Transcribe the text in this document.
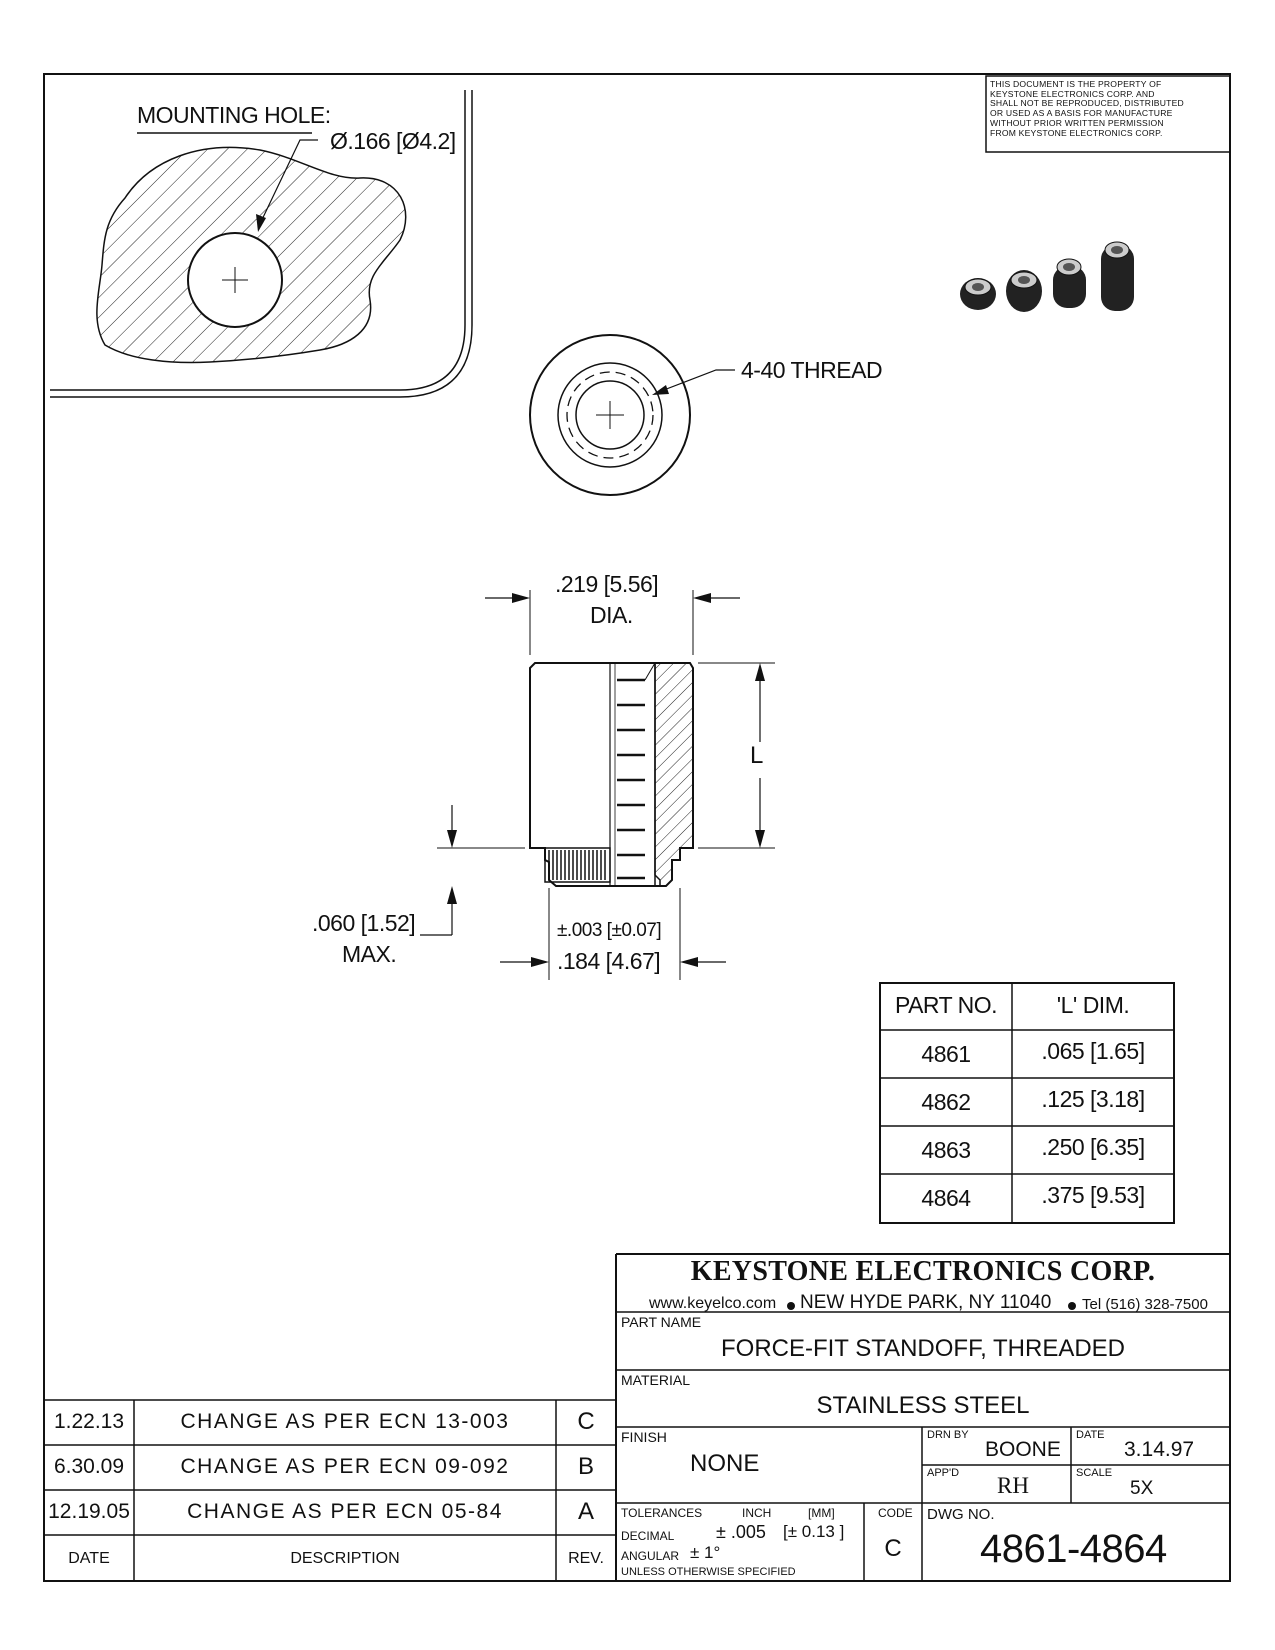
THIS DOCUMENT IS THE PROPERTY OF
KEYSTONE ELECTRONICS CORP. AND
SHALL NOT BE REPRODUCED, DISTRIBUTED
OR USED AS A BASIS FOR MANUFACTURE
WITHOUT PRIOR WRITTEN PERMISSION
FROM KEYSTONE ELECTRONICS CORP.
MOUNTING HOLE:
Ø.166 [Ø4.2]
4-40 THREAD
.219 [5.56]
DIA.
L
.060 [1.52]
MAX.
±.003 [±0.07]
.184 [4.67]
PART NO.	'L' DIM.
4861	.065 [1.65]
4862	.125 [3.18]
4863	.250 [6.35]
4864	.375 [9.53]
KEYSTONE ELECTRONICS CORP.
www.keyelco.com NEW HYDE PARK, NY 11040 Tel (516) 328-7500
PART NAME
FORCE-FIT STANDOFF, THREADED
MATERIAL
STAINLESS STEEL
FINISH
NONE
DRN BY
BOONE
DATE
3.14.97
APP'D RH	SCALE
5X
TOLERANCES	INCH	[MM]	CODE
DECIMAL ± .005 [± 0.13 ]
ANGULAR ± 1°
UNLESS OTHERWISE SPECIFIED
C
DWG NO.
4861-4864
1.22.13	CHANGE AS PER ECN 13-003	C
6.30.09	CHANGE AS PER ECN 09-092	B
12.19.05	CHANGE AS PER ECN 05-84	A
DATE	DESCRIPTION	REV.
